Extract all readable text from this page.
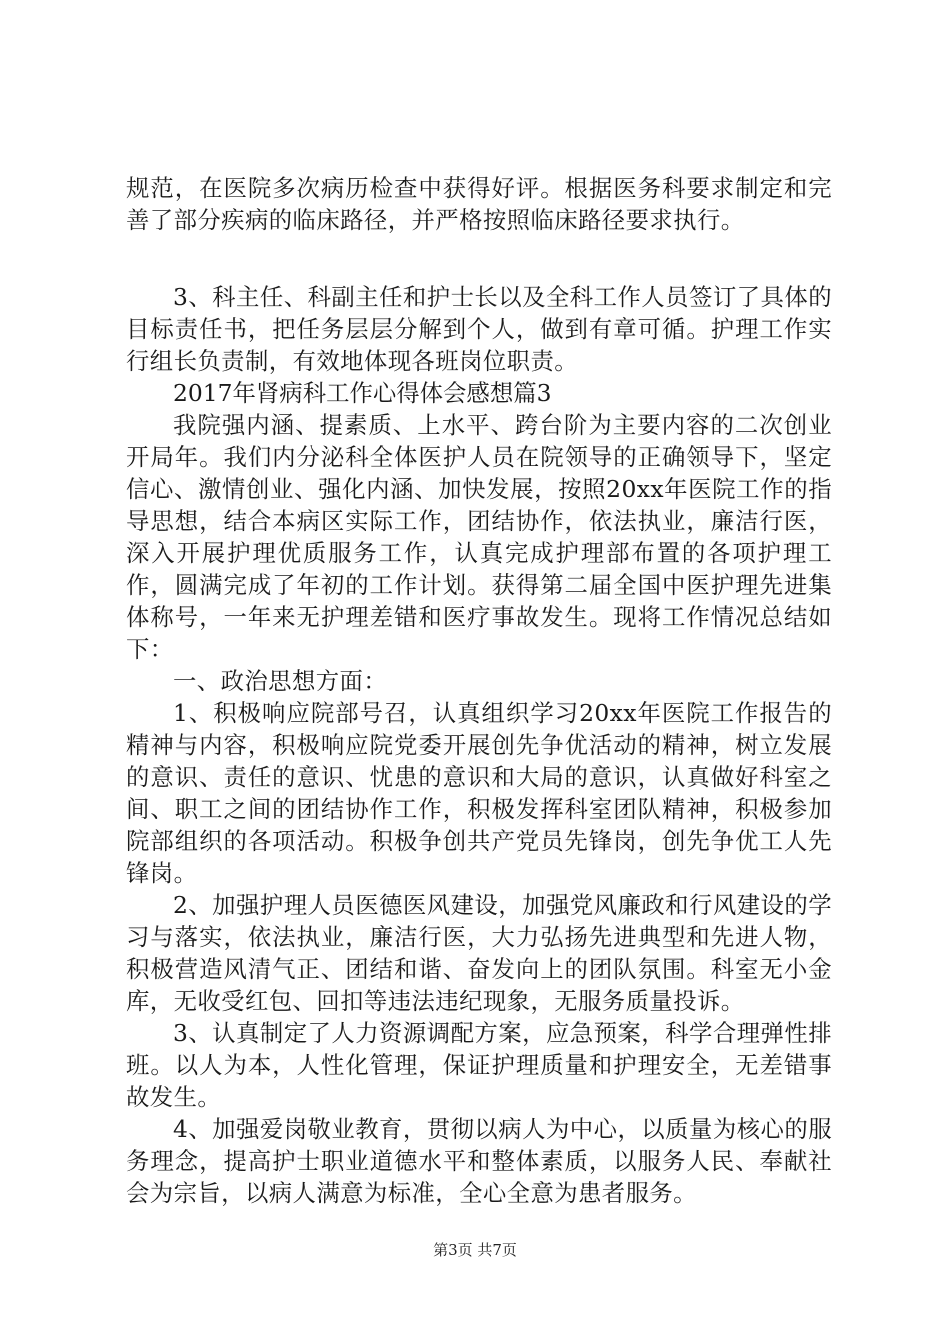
规范，在医院多次病历检查中获得好评。根据医务科要求制定和完善了部分疾病的临床路径，并严格按照临床路径要求执行。

3、科主任、科副主任和护士长以及全科工作人员签订了具体的目标责任书，把任务层层分解到个人，做到有章可循。护理工作实行组长负责制，有效地体现各班岗位职责。

2017年肾病科工作心得体会感想篇3

我院强内涵、提素质、上水平、跨台阶为主要内容的二次创业开局年。我们内分泌科全体医护人员在院领导的正确领导下，坚定信心、激情创业、强化内涵、加快发展，按照20xx年医院工作的指导思想，结合本病区实际工作，团结协作，依法执业，廉洁行医，深入开展护理优质服务工作，认真完成护理部布置的各项护理工作，圆满完成了年初的工作计划。获得第二届全国中医护理先进集体称号，一年来无护理差错和医疗事故发生。现将工作情况总结如下：

一、政治思想方面：

1、积极响应院部号召，认真组织学习20xx年医院工作报告的精神与内容，积极响应院党委开展创先争优活动的精神，树立发展的意识、责任的意识、忧患的意识和大局的意识，认真做好科室之间、职工之间的团结协作工作，积极发挥科室团队精神，积极参加院部组织的各项活动。积极争创共产党员先锋岗，创先争优工人先锋岗。

2、加强护理人员医德医风建设，加强党风廉政和行风建设的学习与落实，依法执业，廉洁行医，大力弘扬先进典型和先进人物，积极营造风清气正、团结和谐、奋发向上的团队氛围。科室无小金库，无收受红包、回扣等违法违纪现象，无服务质量投诉。

3、认真制定了人力资源调配方案，应急预案，科学合理弹性排班。以人为本，人性化管理，保证护理质量和护理安全，无差错事故发生。

4、加强爱岗敬业教育，贯彻以病人为中心，以质量为核心的服务理念，提高护士职业道德水平和整体素质，以服务人民、奉献社会为宗旨，以病人满意为标准，全心全意为患者服务。

第3页 共7页
